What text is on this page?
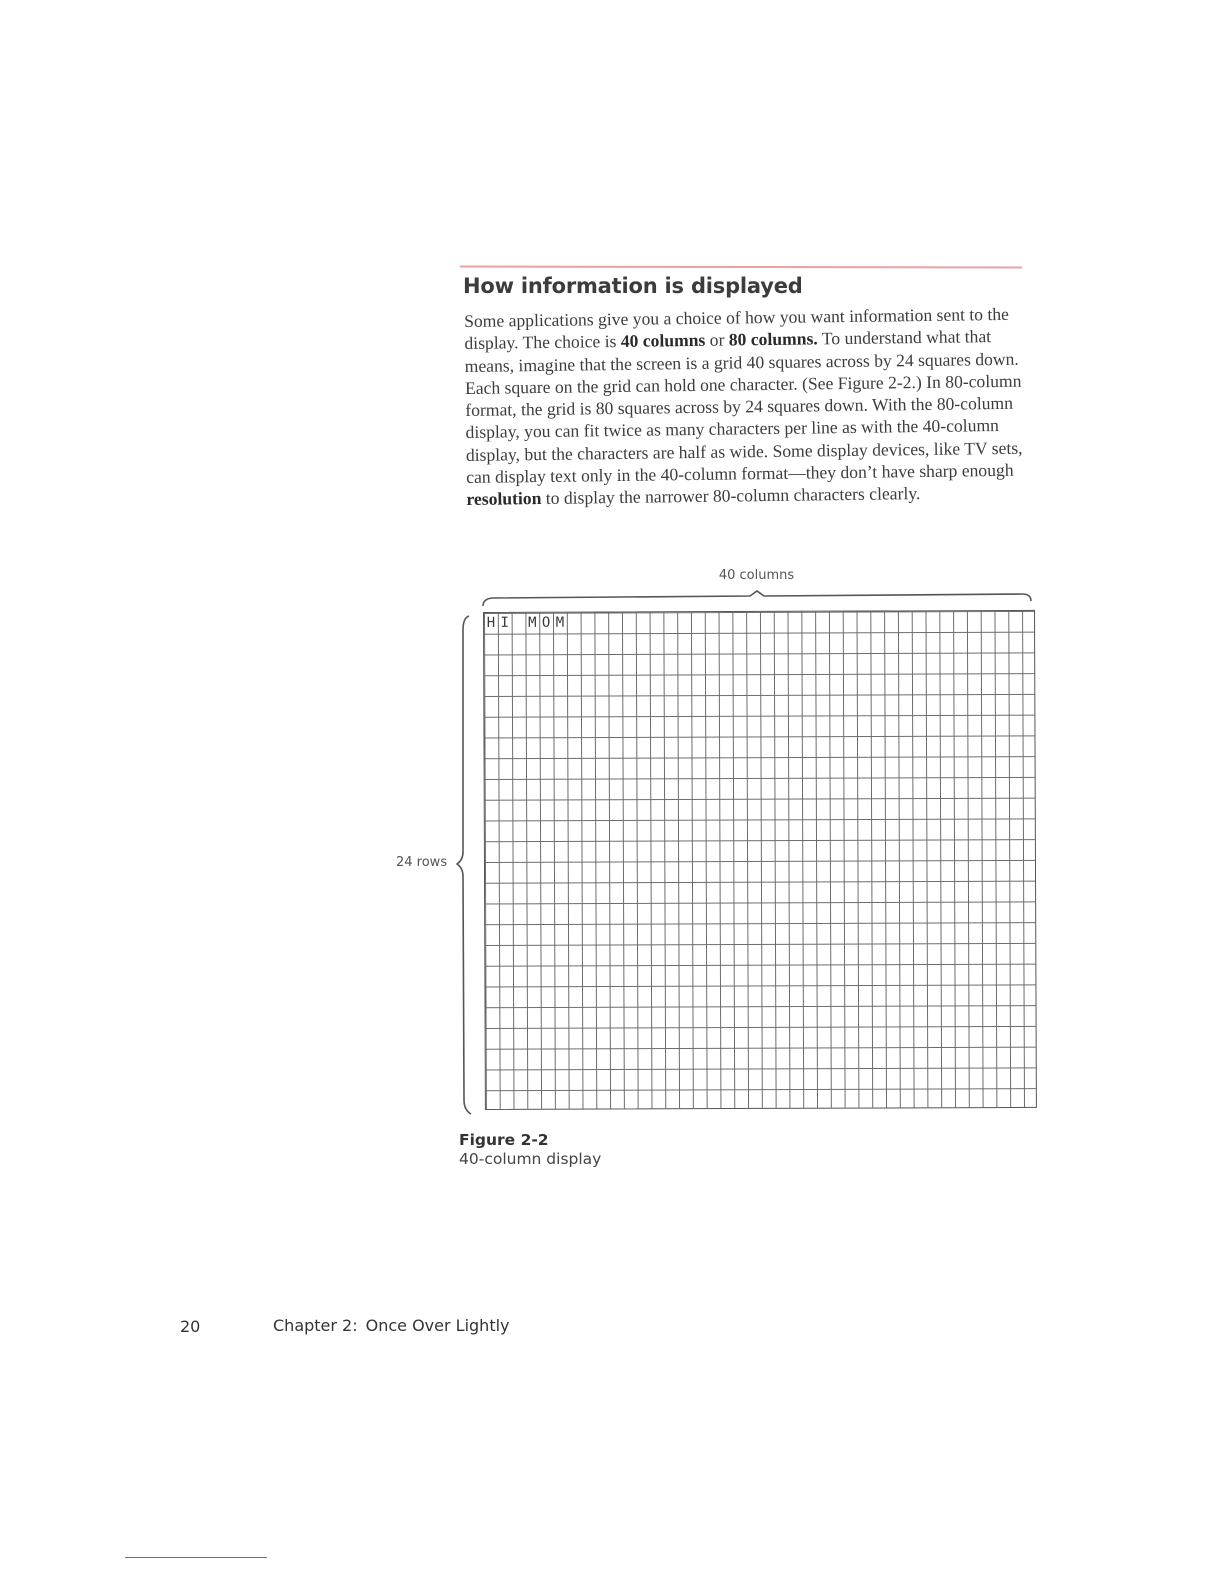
How information is displayed
Some applications give you a choice of how you want information sent to the display. The choice is 40 columns or 80 columns. To understand what that means, imagine that the screen is a grid 40 squares across by 24 squares down. Each square on the grid can hold one character. (See Figure 2-2.) In 80-column format, the grid is 80 squares across by 24 squares down. With the 80-column display, you can fit twice as many characters per line as with the 40-column display, but the characters are half as wide. Some display devices, like TV sets, can display text only in the 40-column format—they don’t have sharp enough resolution to display the narrower 80-column characters clearly.
40 columns
24 rows
H I M O M
Figure 2-2
40-column display
20	Chapter 2: Once Over Lightly
